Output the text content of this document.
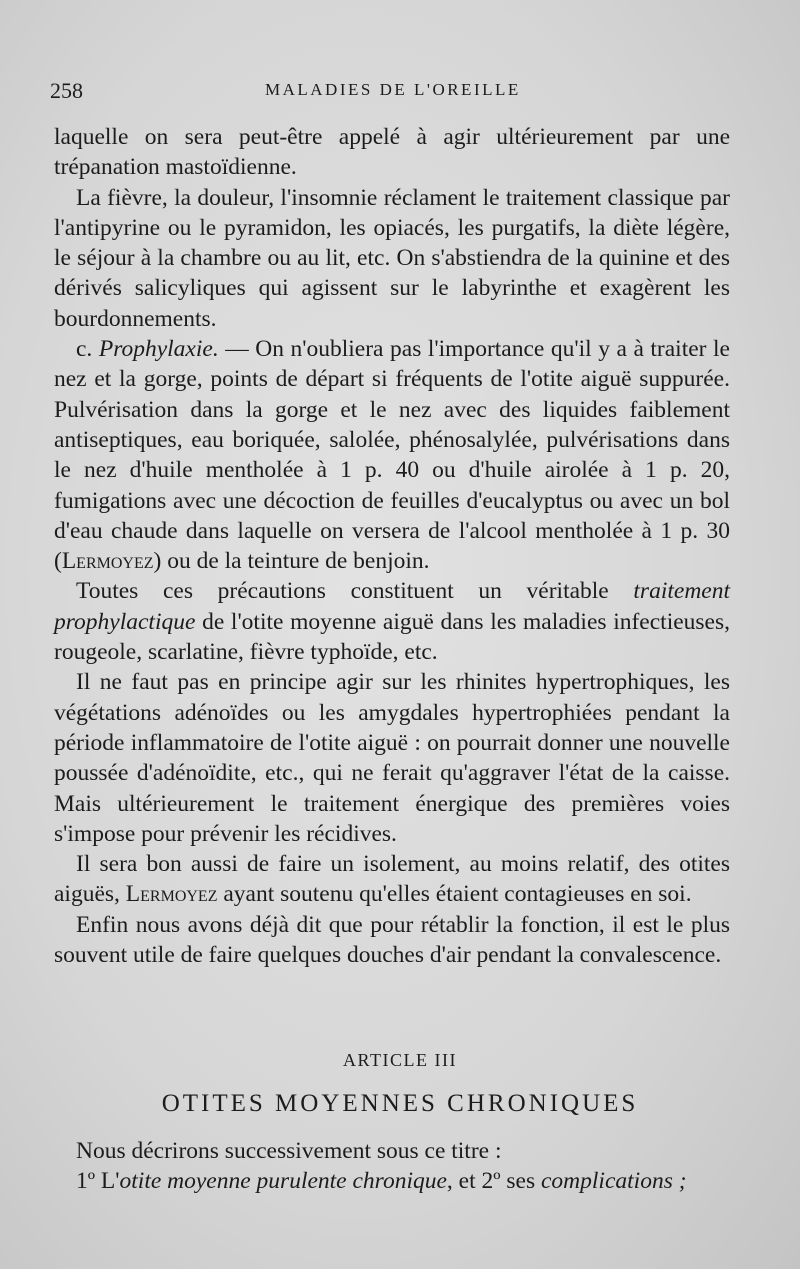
258	MALADIES DE L'OREILLE

laquelle on sera peut-être appelé à agir ultérieurement par une trépanation mastoïdienne.

La fièvre, la douleur, l'insomnie réclament le traitement classique par l'antipyrine ou le pyramidon, les opiacés, les purgatifs, la diète légère, le séjour à la chambre ou au lit, etc. On s'abstiendra de la quinine et des dérivés salicyliques qui agissent sur le labyrinthe et exagèrent les bourdonnements.

c. Prophylaxie. — On n'oubliera pas l'importance qu'il y a à traiter le nez et la gorge, points de départ si fréquents de l'otite aiguë suppurée. Pulvérisation dans la gorge et le nez avec des liquides faiblement antiseptiques, eau boriquée, salolée, phénosalylée, pulvérisations dans le nez d'huile mentholée à 1 p. 40 ou d'huile airolée à 1 p. 20, fumigations avec une décoction de feuilles d'eucalyptus ou avec un bol d'eau chaude dans laquelle on versera de l'alcool mentholée à 1 p. 30 (Lermoyez) ou de la teinture de benjoin.

Toutes ces précautions constituent un véritable traitement prophylactique de l'otite moyenne aiguë dans les maladies infectieuses, rougeole, scarlatine, fièvre typhoïde, etc.

Il ne faut pas en principe agir sur les rhinites hypertrophiques, les végétations adénoïdes ou les amygdales hypertrophiées pendant la période inflammatoire de l'otite aiguë : on pourrait donner une nouvelle poussée d'adénoïdite, etc., qui ne ferait qu'aggraver l'état de la caisse. Mais ultérieurement le traitement énergique des premières voies s'impose pour prévenir les récidives.

Il sera bon aussi de faire un isolement, au moins relatif, des otites aiguës, Lermoyez ayant soutenu qu'elles étaient contagieuses en soi.

Enfin nous avons déjà dit que pour rétablir la fonction, il est le plus souvent utile de faire quelques douches d'air pendant la convalescence.

ARTICLE III
OTITES MOYENNES CHRONIQUES

Nous décrirons successivement sous ce titre :

1º L'otite moyenne purulente chronique, et 2º ses complications ;
